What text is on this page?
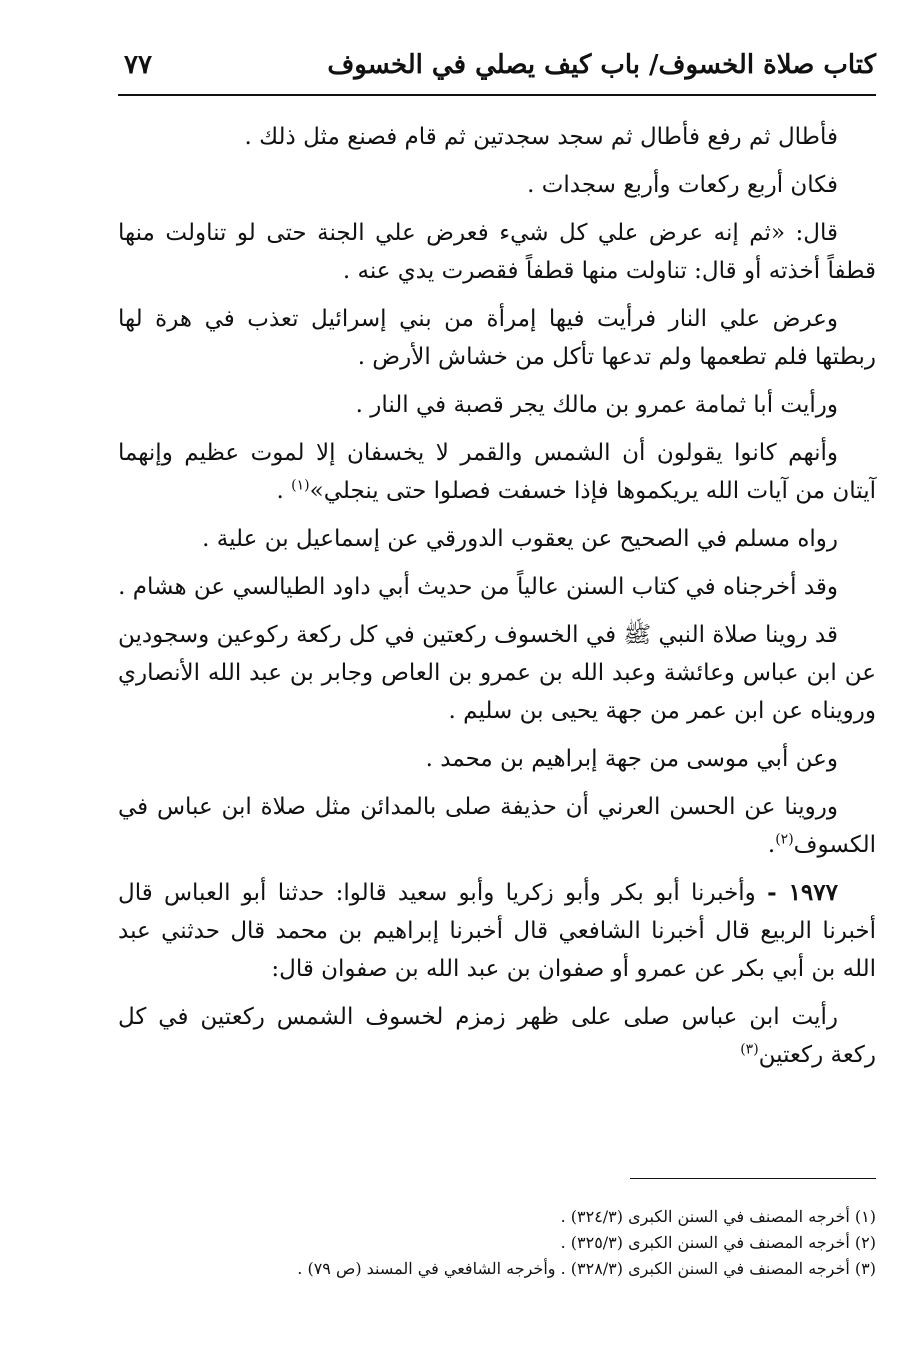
كتاب صلاة الخسوف/ باب كيف يصلي في الخسوف
٧٧

فأطال ثم رفع فأطال ثم سجد سجدتين ثم قام فصنع مثل ذلك .

فكان أربع ركعات وأربع سجدات .

قال: «ثم إنه عرض علي كل شيء فعرض علي الجنة حتى لو تناولت منها قطفاً أخذته أو قال: تناولت منها قطفاً فقصرت يدي عنه .

وعرض علي النار فرأيت فيها إمرأة من بني إسرائيل تعذب في هرة لها ربطتها فلم تطعمها ولم تدعها تأكل من خشاش الأرض .

ورأيت أبا ثمامة عمرو بن مالك يجر قصبة في النار .

وأنهم كانوا يقولون أن الشمس والقمر لا يخسفان إلا لموت عظيم وإنهما آيتان من آيات الله يريكموها فإذا خسفت فصلوا حتى ينجلي»$^{(١)}$ .

رواه مسلم في الصحيح عن يعقوب الدورقي عن إسماعيل بن علية .

وقد أخرجناه في كتاب السنن عالياً من حديث أبي داود الطيالسي عن هشام .

قد روينا صلاة النبي ﷺ في الخسوف ركعتين في كل ركعة ركوعين وسجودين عن ابن عباس وعائشة وعبد الله بن عمرو بن العاص وجابر بن عبد الله الأنصاري ورويناه عن ابن عمر من جهة يحيى بن سليم .

وعن أبي موسى من جهة إبراهيم بن محمد .

وروينا عن الحسن العرني أن حذيفة صلى بالمدائن مثل صلاة ابن عباس في الكسوف$^{(٢)}$.

١٩٧٧ - وأخبرنا أبو بكر وأبو زكريا وأبو سعيد قالوا: حدثنا أبو العباس قال أخبرنا الربيع قال أخبرنا الشافعي قال أخبرنا إبراهيم بن محمد قال حدثني عبد الله بن أبي بكر عن عمرو أو صفوان بن عبد الله بن صفوان قال:

رأيت ابن عباس صلى على ظهر زمزم لخسوف الشمس ركعتين في كل ركعة ركعتين$^{(٣)}$

(١) أخرجه المصنف في السنن الكبرى (٣٢٤/٣) .

(٢) أخرجه المصنف في السنن الكبرى (٣٢٥/٣) .

(٣) أخرجه المصنف في السنن الكبرى (٣٢٨/٣) . وأخرجه الشافعي في المسند (ص ٧٩) .
